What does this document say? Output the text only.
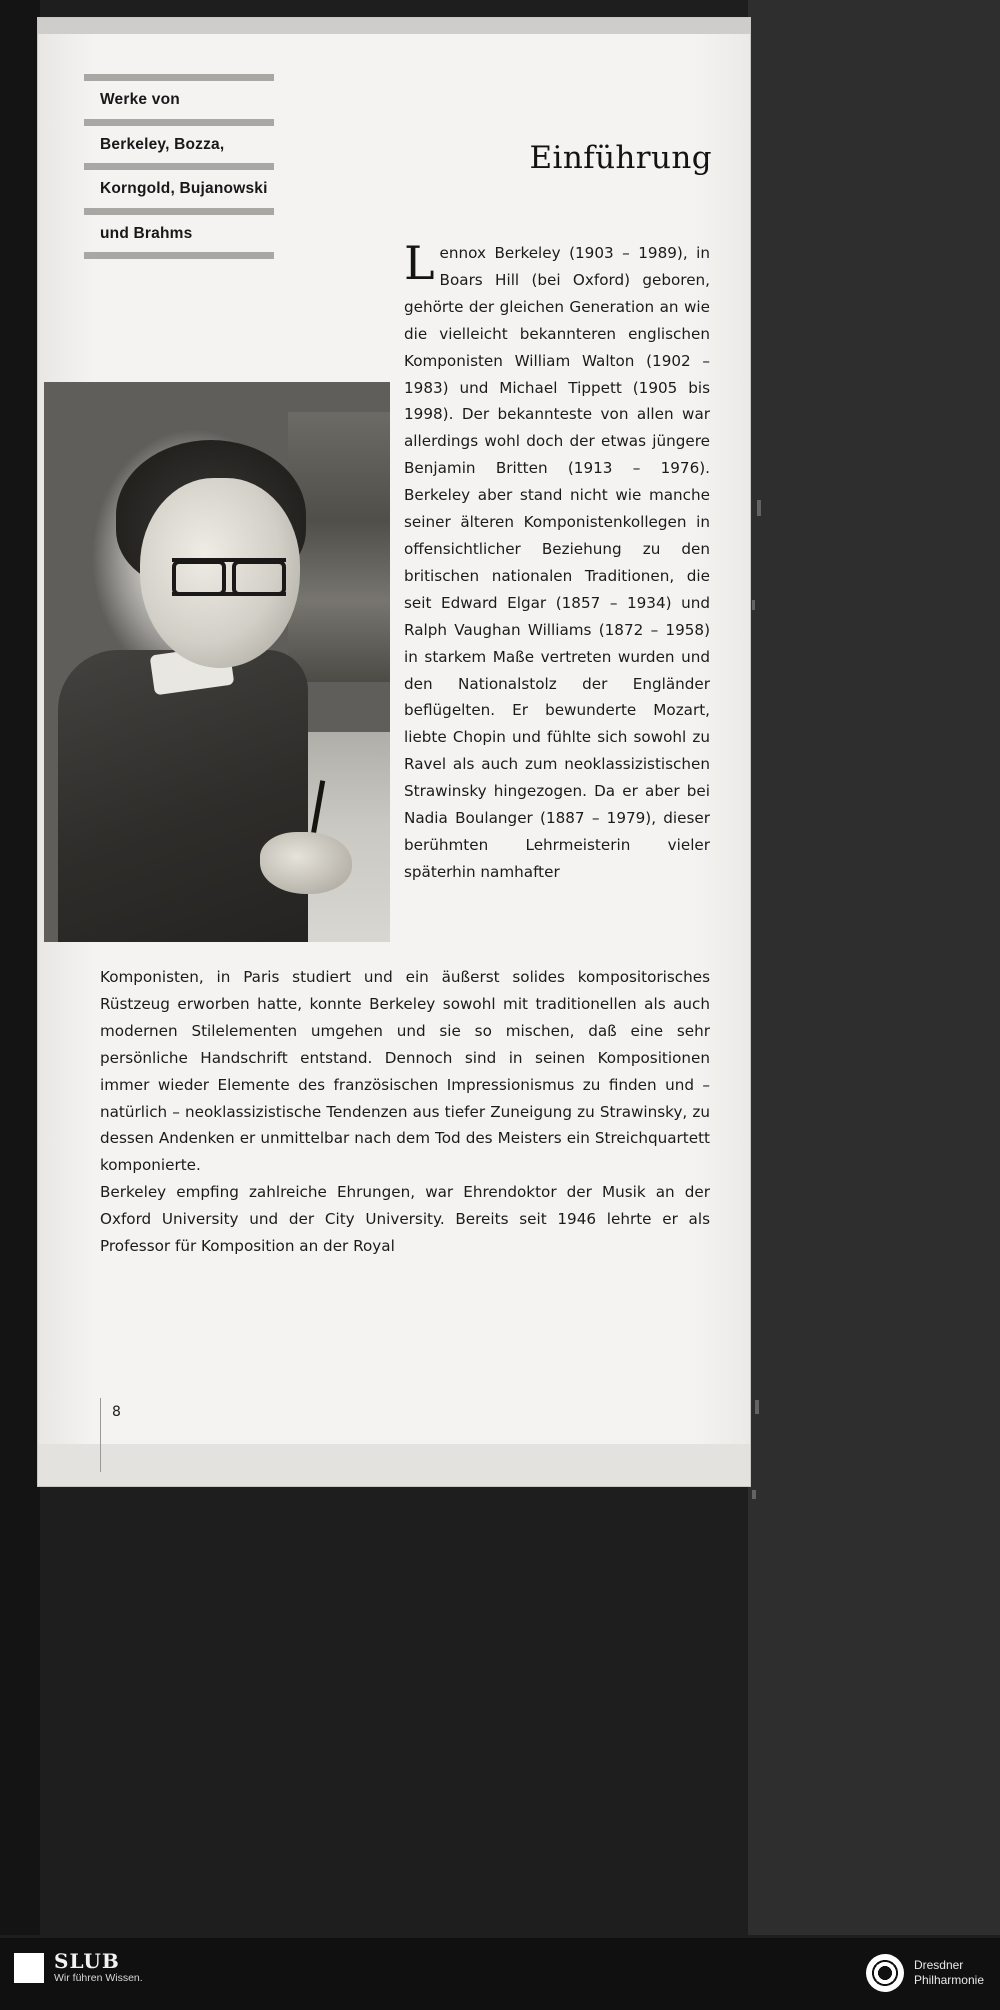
Werke von
Berkeley, Bozza,
Korngold, Bujanowski
und Brahms
Einführung
Lennox Berkeley (1903 – 1989), in Boars Hill (bei Oxford) geboren, gehörte der gleichen Generation an wie die vielleicht bekannteren englischen Komponisten William Walton (1902 – 1983) und Michael Tippett (1905 bis 1998). Der bekannteste von allen war allerdings wohl doch der etwas jüngere Benjamin Britten (1913 – 1976). Berkeley aber stand nicht wie manche seiner älteren Komponistenkollegen in offensichtlicher Beziehung zu den britischen nationalen Traditionen, die seit Edward Elgar (1857 – 1934) und Ralph Vaughan Williams (1872 – 1958) in starkem Maße vertreten wurden und den Nationalstolz der Engländer beflügelten. Er bewunderte Mozart, liebte Chopin und fühlte sich sowohl zu Ravel als auch zum neoklassizistischen Strawinsky hingezogen. Da er aber bei Nadia Boulanger (1887 – 1979), dieser berühmten Lehrmeisterin vieler späterhin namhafter

Komponisten, in Paris studiert und ein äußerst solides kompositorisches Rüstzeug erworben hatte, konnte Berkeley sowohl mit traditionellen als auch modernen Stilelementen umgehen und sie so mischen, daß eine sehr persönliche Handschrift entstand. Dennoch sind in seinen Kompositionen immer wieder Elemente des französischen Impressionismus zu finden und – natürlich – neoklassizistische Tendenzen aus tiefer Zuneigung zu Strawinsky, zu dessen Andenken er unmittelbar nach dem Tod des Meisters ein Streichquartett komponierte.

Berkeley empfing zahlreiche Ehrungen, war Ehrendoktor der Musik an der Oxford University und der City University. Bereits seit 1946 lehrte er als Professor für Komposition an der Royal

8
SLUB
Wir führen Wissen.
Dresdner
Philharmonie
